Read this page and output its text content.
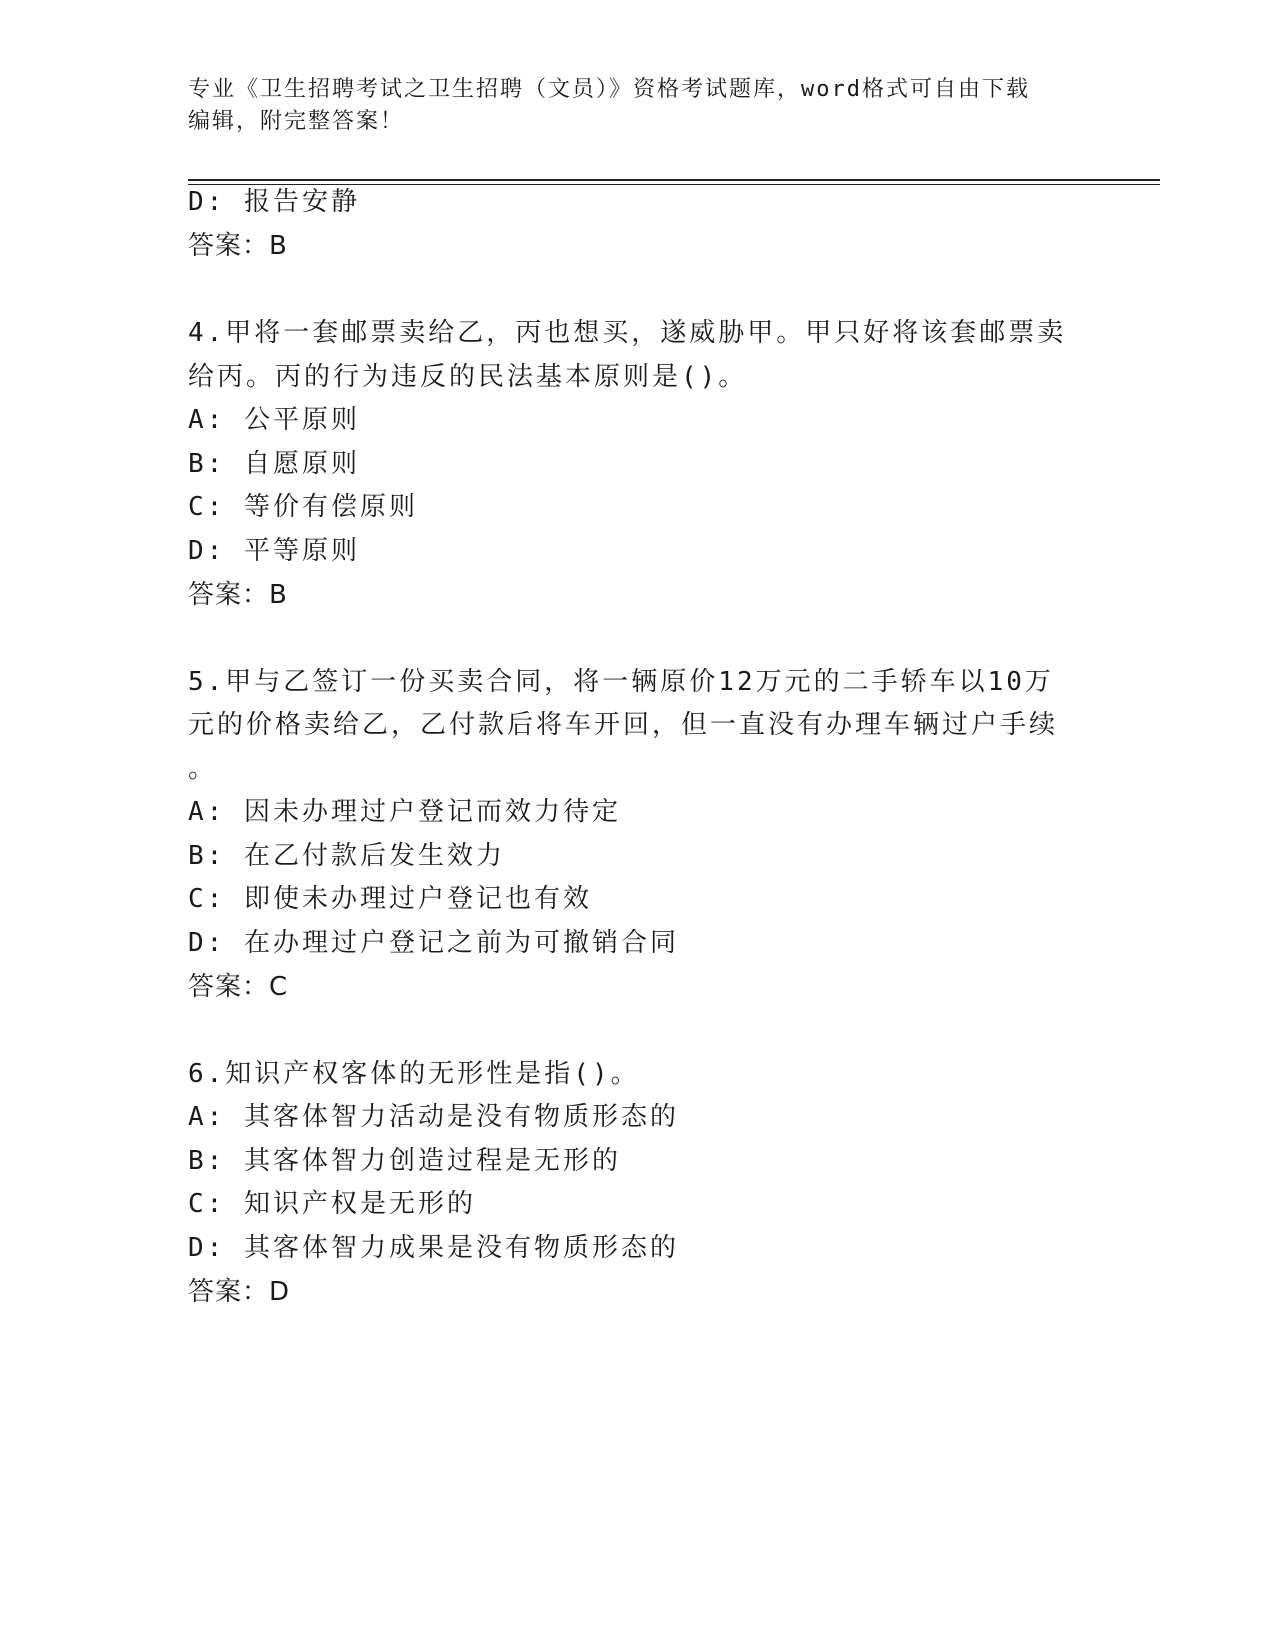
专业《卫生招聘考试之卫生招聘（文员）》资格考试题库，word格式可自由下载
编辑，附完整答案！
D: 报告安静
答案：B
4.甲将一套邮票卖给乙，丙也想买，遂威胁甲。甲只好将该套邮票卖
给丙。丙的行为违反的民法基本原则是()。
A: 公平原则
B: 自愿原则
C: 等价有偿原则
D: 平等原则
答案：B
5.甲与乙签订一份买卖合同，将一辆原价12万元的二手轿车以10万
元的价格卖给乙，乙付款后将车开回，但一直没有办理车辆过户手续
。
A: 因未办理过户登记而效力待定
B: 在乙付款后发生效力
C: 即使未办理过户登记也有效
D: 在办理过户登记之前为可撤销合同
答案：C
6.知识产权客体的无形性是指()。
A: 其客体智力活动是没有物质形态的
B: 其客体智力创造过程是无形的
C: 知识产权是无形的
D: 其客体智力成果是没有物质形态的
答案：D
